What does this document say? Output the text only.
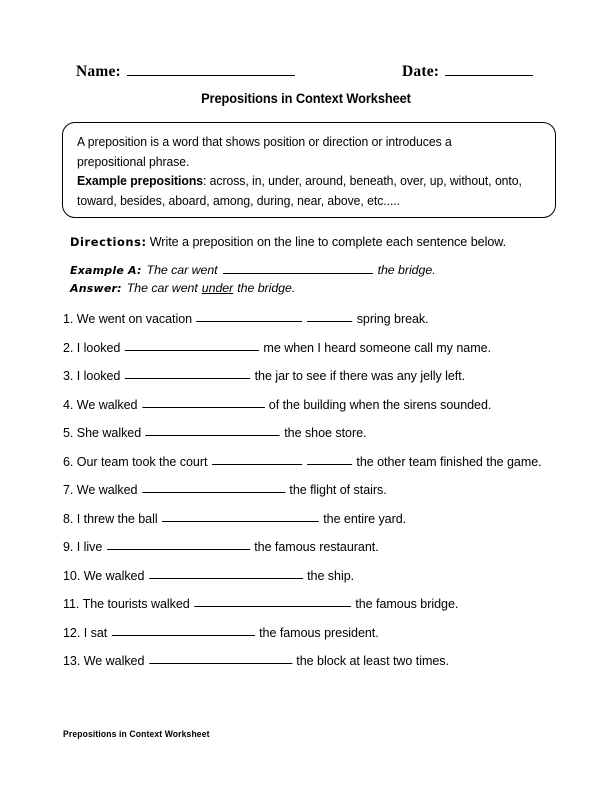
Name:	Date:
Prepositions in Context Worksheet
A preposition is a word that shows position or direction or introduces a
prepositional phrase.
Example prepositions: across, in, under, around, beneath, over, up, without, onto,
toward, besides, aboard, among, during, near, above, etc.....
Directions: Write a preposition on the line to complete each sentence below.
Example A: The car went	the bridge.
Answer: The car went under the bridge.
1. We went on vacation	spring break.
2. I looked	me when I heard someone call my name.
3. I looked	the jar to see if there was any jelly left.
4. We walked	of the building when the sirens sounded.
5. She walked	the shoe store.
6. Our team took the court	the other team finished the game.
7. We walked	the flight of stairs.
8. I threw the ball	the entire yard.
9. I live	the famous restaurant.
10. We walked	the ship.
11. The tourists walked	the famous bridge.
12. I sat	the famous president.
13. We walked	the block at least two times.
Prepositions in Context Worksheet
